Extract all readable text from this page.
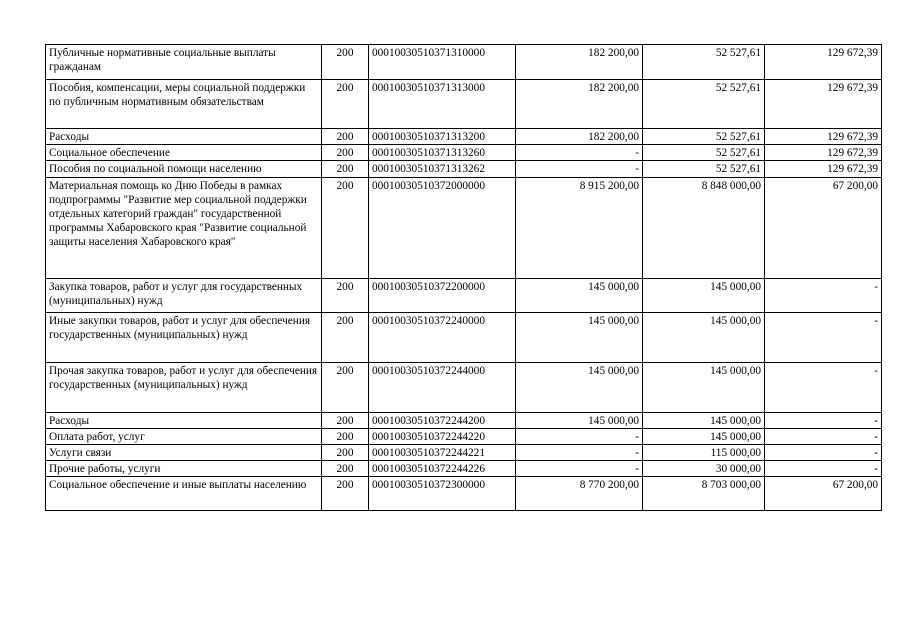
Публичные нормативные социальные выплаты гражданам	200	00010030510371310000	182 200,00	52 527,61	129 672,39
Пособия, компенсации, меры социальной поддержки по публичным нормативным обязательствам	200	00010030510371313000	182 200,00	52 527,61	129 672,39
Расходы	200	00010030510371313200	182 200,00	52 527,61	129 672,39
Социальное обеспечение	200	00010030510371313260	-	52 527,61	129 672,39
Пособия по социальной помощи населению	200	00010030510371313262	-	52 527,61	129 672,39
Материальная помощь ко Дню Победы в рамках подпрограммы "Развитие мер социальной поддержки отдельных категорий граждан" государственной программы Хабаровского края "Развитие социальной защиты населения Хабаровского края"	200	00010030510372000000	8 915 200,00	8 848 000,00	67 200,00
Закупка товаров, работ и услуг для государственных (муниципальных) нужд	200	00010030510372200000	145 000,00	145 000,00	-
Иные закупки товаров, работ и услуг для обеспечения государственных (муниципальных) нужд	200	00010030510372240000	145 000,00	145 000,00	-
Прочая закупка товаров, работ и услуг для обеспечения государственных (муниципальных) нужд	200	00010030510372244000	145 000,00	145 000,00	-
Расходы	200	00010030510372244200	145 000,00	145 000,00	-
Оплата работ, услуг	200	00010030510372244220	-	145 000,00	-
Услуги связи	200	00010030510372244221	-	115 000,00	-
Прочие работы, услуги	200	00010030510372244226	-	30 000,00	-
Социальное обеспечение и иные выплаты населению	200	00010030510372300000	8 770 200,00	8 703 000,00	67 200,00
